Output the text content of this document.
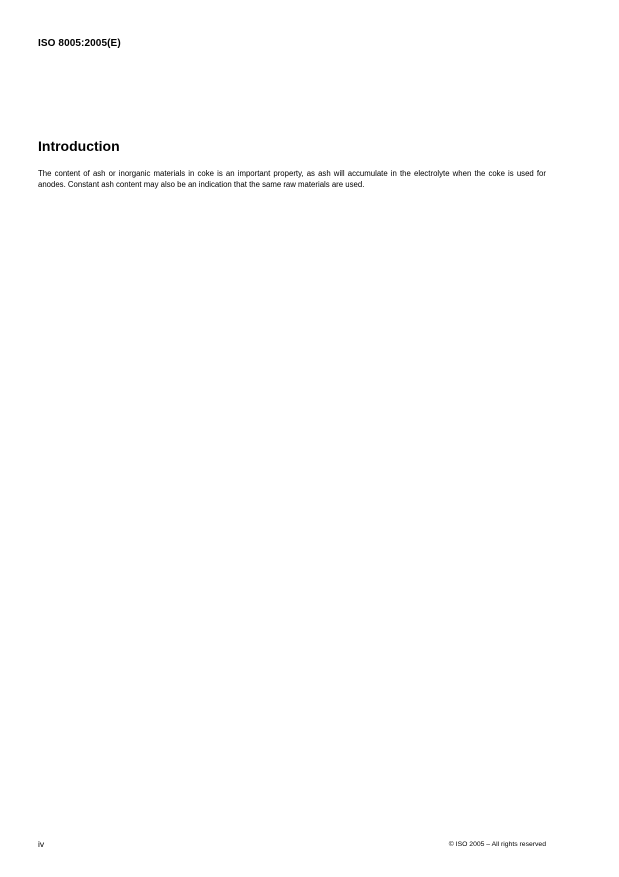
ISO 8005:2005(E)
Introduction

The content of ash or inorganic materials in coke is an important property, as ash will accumulate in the electrolyte when the coke is used for anodes. Constant ash content may also be an indication that the same raw materials are used.

iv	© ISO 2005 – All rights reserved
